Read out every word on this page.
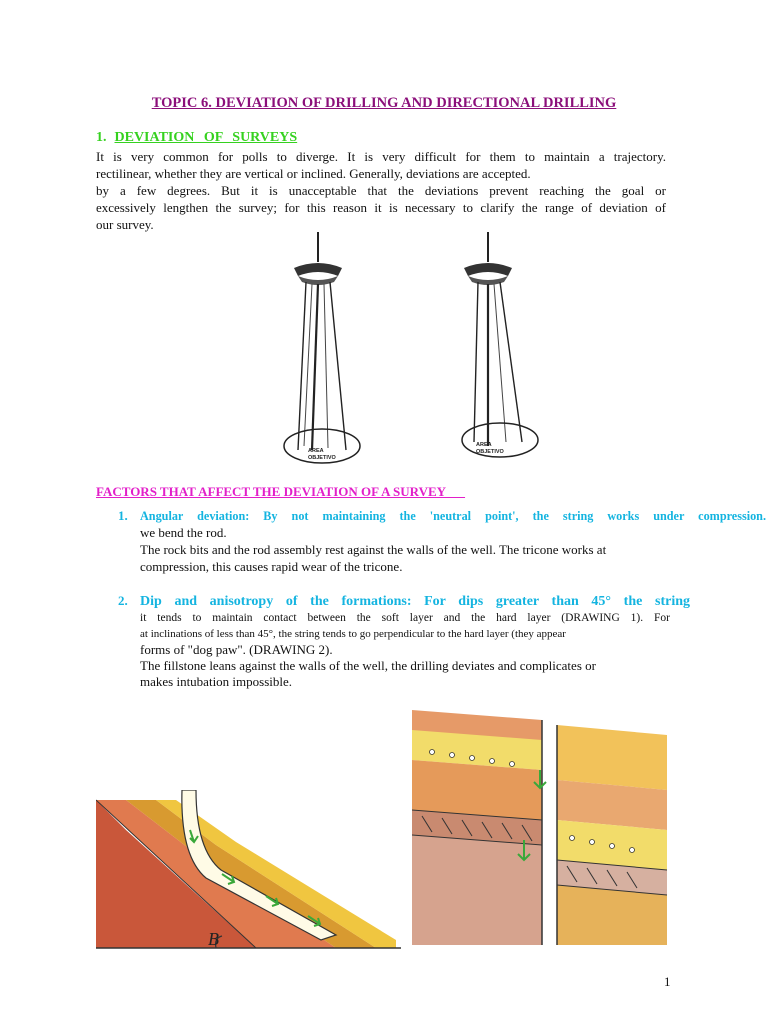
TOPIC 6. DEVIATION OF DRILLING AND DIRECTIONAL DRILLING
1. DEVIATION OF SURVEYS
It is very common for polls to diverge. It is very difficult for them to maintain a trajectory.
rectilinear, whether they are vertical or inclined. Generally, deviations are accepted.
by a few degrees. But it is unacceptable that the deviations prevent reaching the goal or
excessively lengthen the survey; for this reason it is necessary to clarify the range of deviation of
our survey.
AREA
OBJETIVO
AREA
OBJETIVO
FACTORS THAT AFFECT THE DEVIATION OF A SURVEY
1. Angular deviation: By not maintaining the 'neutral point', the string works under compression.
we bend the rod.
The rock bits and the rod assembly rest against the walls of the well. The tricone works at
compression, this causes rapid wear of the tricone.
2. Dip and anisotropy of the formations: For dips greater than 45° the string
it tends to maintain contact between the soft layer and the hard layer (DRAWING 1). For
at inclinations of less than 45°, the string tends to go perpendicular to the hard layer (they appear
forms of "dog paw". (DRAWING 2).
The fillstone leans against the walls of the well, the drilling deviates and complicates or
makes intubation impossible.
B
1
